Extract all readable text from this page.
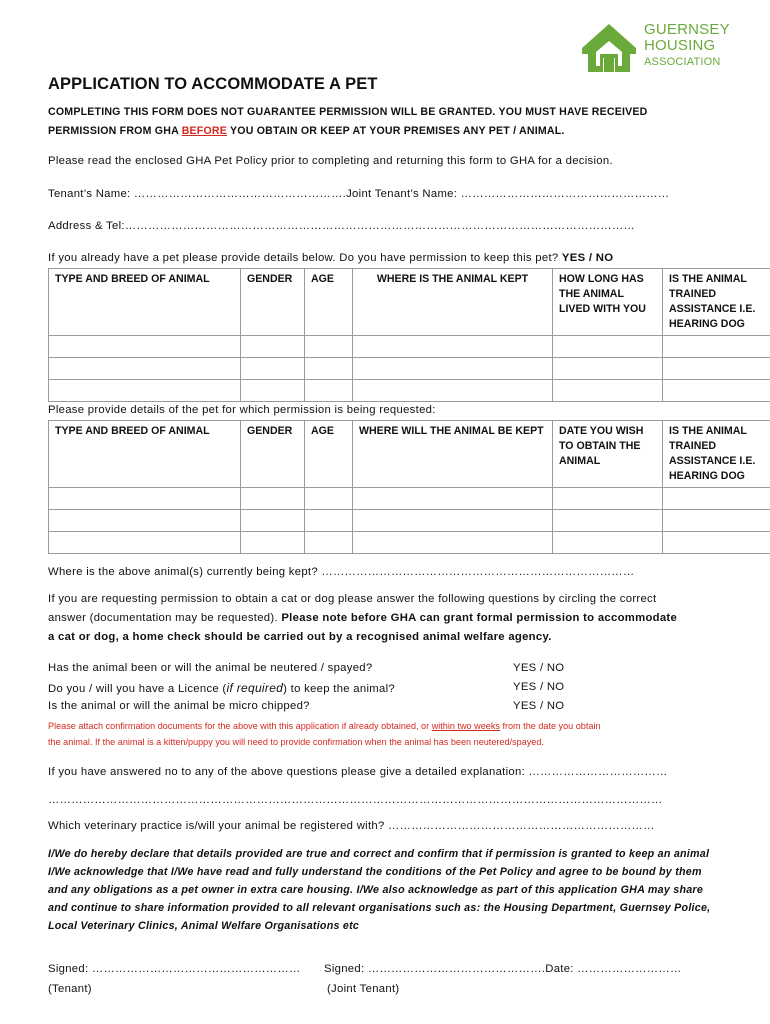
GUERNSEY
HOUSING
ASSOCIATION
APPLICATION TO ACCOMMODATE A PET
COMPLETING THIS FORM DOES NOT GUARANTEE PERMISSION WILL BE GRANTED. YOU MUST HAVE RECEIVED
PERMISSION FROM GHA BEFORE YOU OBTAIN OR KEEP AT YOUR PREMISES ANY PET / ANIMAL.
Please read the enclosed GHA Pet Policy prior to completing and returning this form to GHA for a decision.
Tenant’s Name: ……………………………………………….Joint Tenant’s Name: ………………………………………………
Address & Tel:……………………………………………………………………………………………………………………
If you already have a pet please provide details below. Do you have permission to keep this pet? YES / NO
TYPE AND BREED OF ANIMAL	GENDER	AGE	WHERE IS THE ANIMAL KEPT	HOW LONG HAS THE ANIMAL LIVED WITH YOU	IS THE ANIMAL TRAINED ASSISTANCE I.E. HEARING DOG

Please provide details of the pet for which permission is being requested:
TYPE AND BREED OF ANIMAL	GENDER	AGE	WHERE WILL THE ANIMAL BE KEPT	DATE YOU WISH TO OBTAIN THE ANIMAL	IS THE ANIMAL TRAINED ASSISTANCE I.E. HEARING DOG

Where is the above animal(s) currently being kept? ………………………………………………………………………
If you are requesting permission to obtain a cat or dog please answer the following questions by circling the correct
answer (documentation may be requested). Please note before GHA can grant formal permission to accommodate
a cat or dog, a home check should be carried out by a recognised animal welfare agency.
Has the animal been or will the animal be neutered / spayed?	YES / NO
Do you / will you have a Licence (if required) to keep the animal?	YES / NO
Is the animal or will the animal be micro chipped?	YES / NO
Please attach confirmation documents for the above with this application if already obtained, or within two weeks from the date you obtain
the animal. If the animal is a kitten/puppy you will need to provide confirmation when the animal has been neutered/spayed.
If you have answered no to any of the above questions please give a detailed explanation: ………………………………
……………………………………………………………………………………………………………………………………………
Which veterinary practice is/will your animal be registered with? ……………………………………………………………
I/We do hereby declare that details provided are true and correct and confirm that if permission is granted to keep an animal I/We acknowledge that I/We have read and fully understand the conditions of the Pet Policy and agree to be bound by them and any obligations as a pet owner in extra care housing. I/We also acknowledge as part of this application GHA may share and continue to share information provided to all relevant organisations such as: the Housing Department, Guernsey Police, Local Veterinary Clinics, Animal Welfare Organisations etc
Signed: ……………………………………………… Signed: ……………………………………….Date: ………………………
(Tenant)	(Joint Tenant)
